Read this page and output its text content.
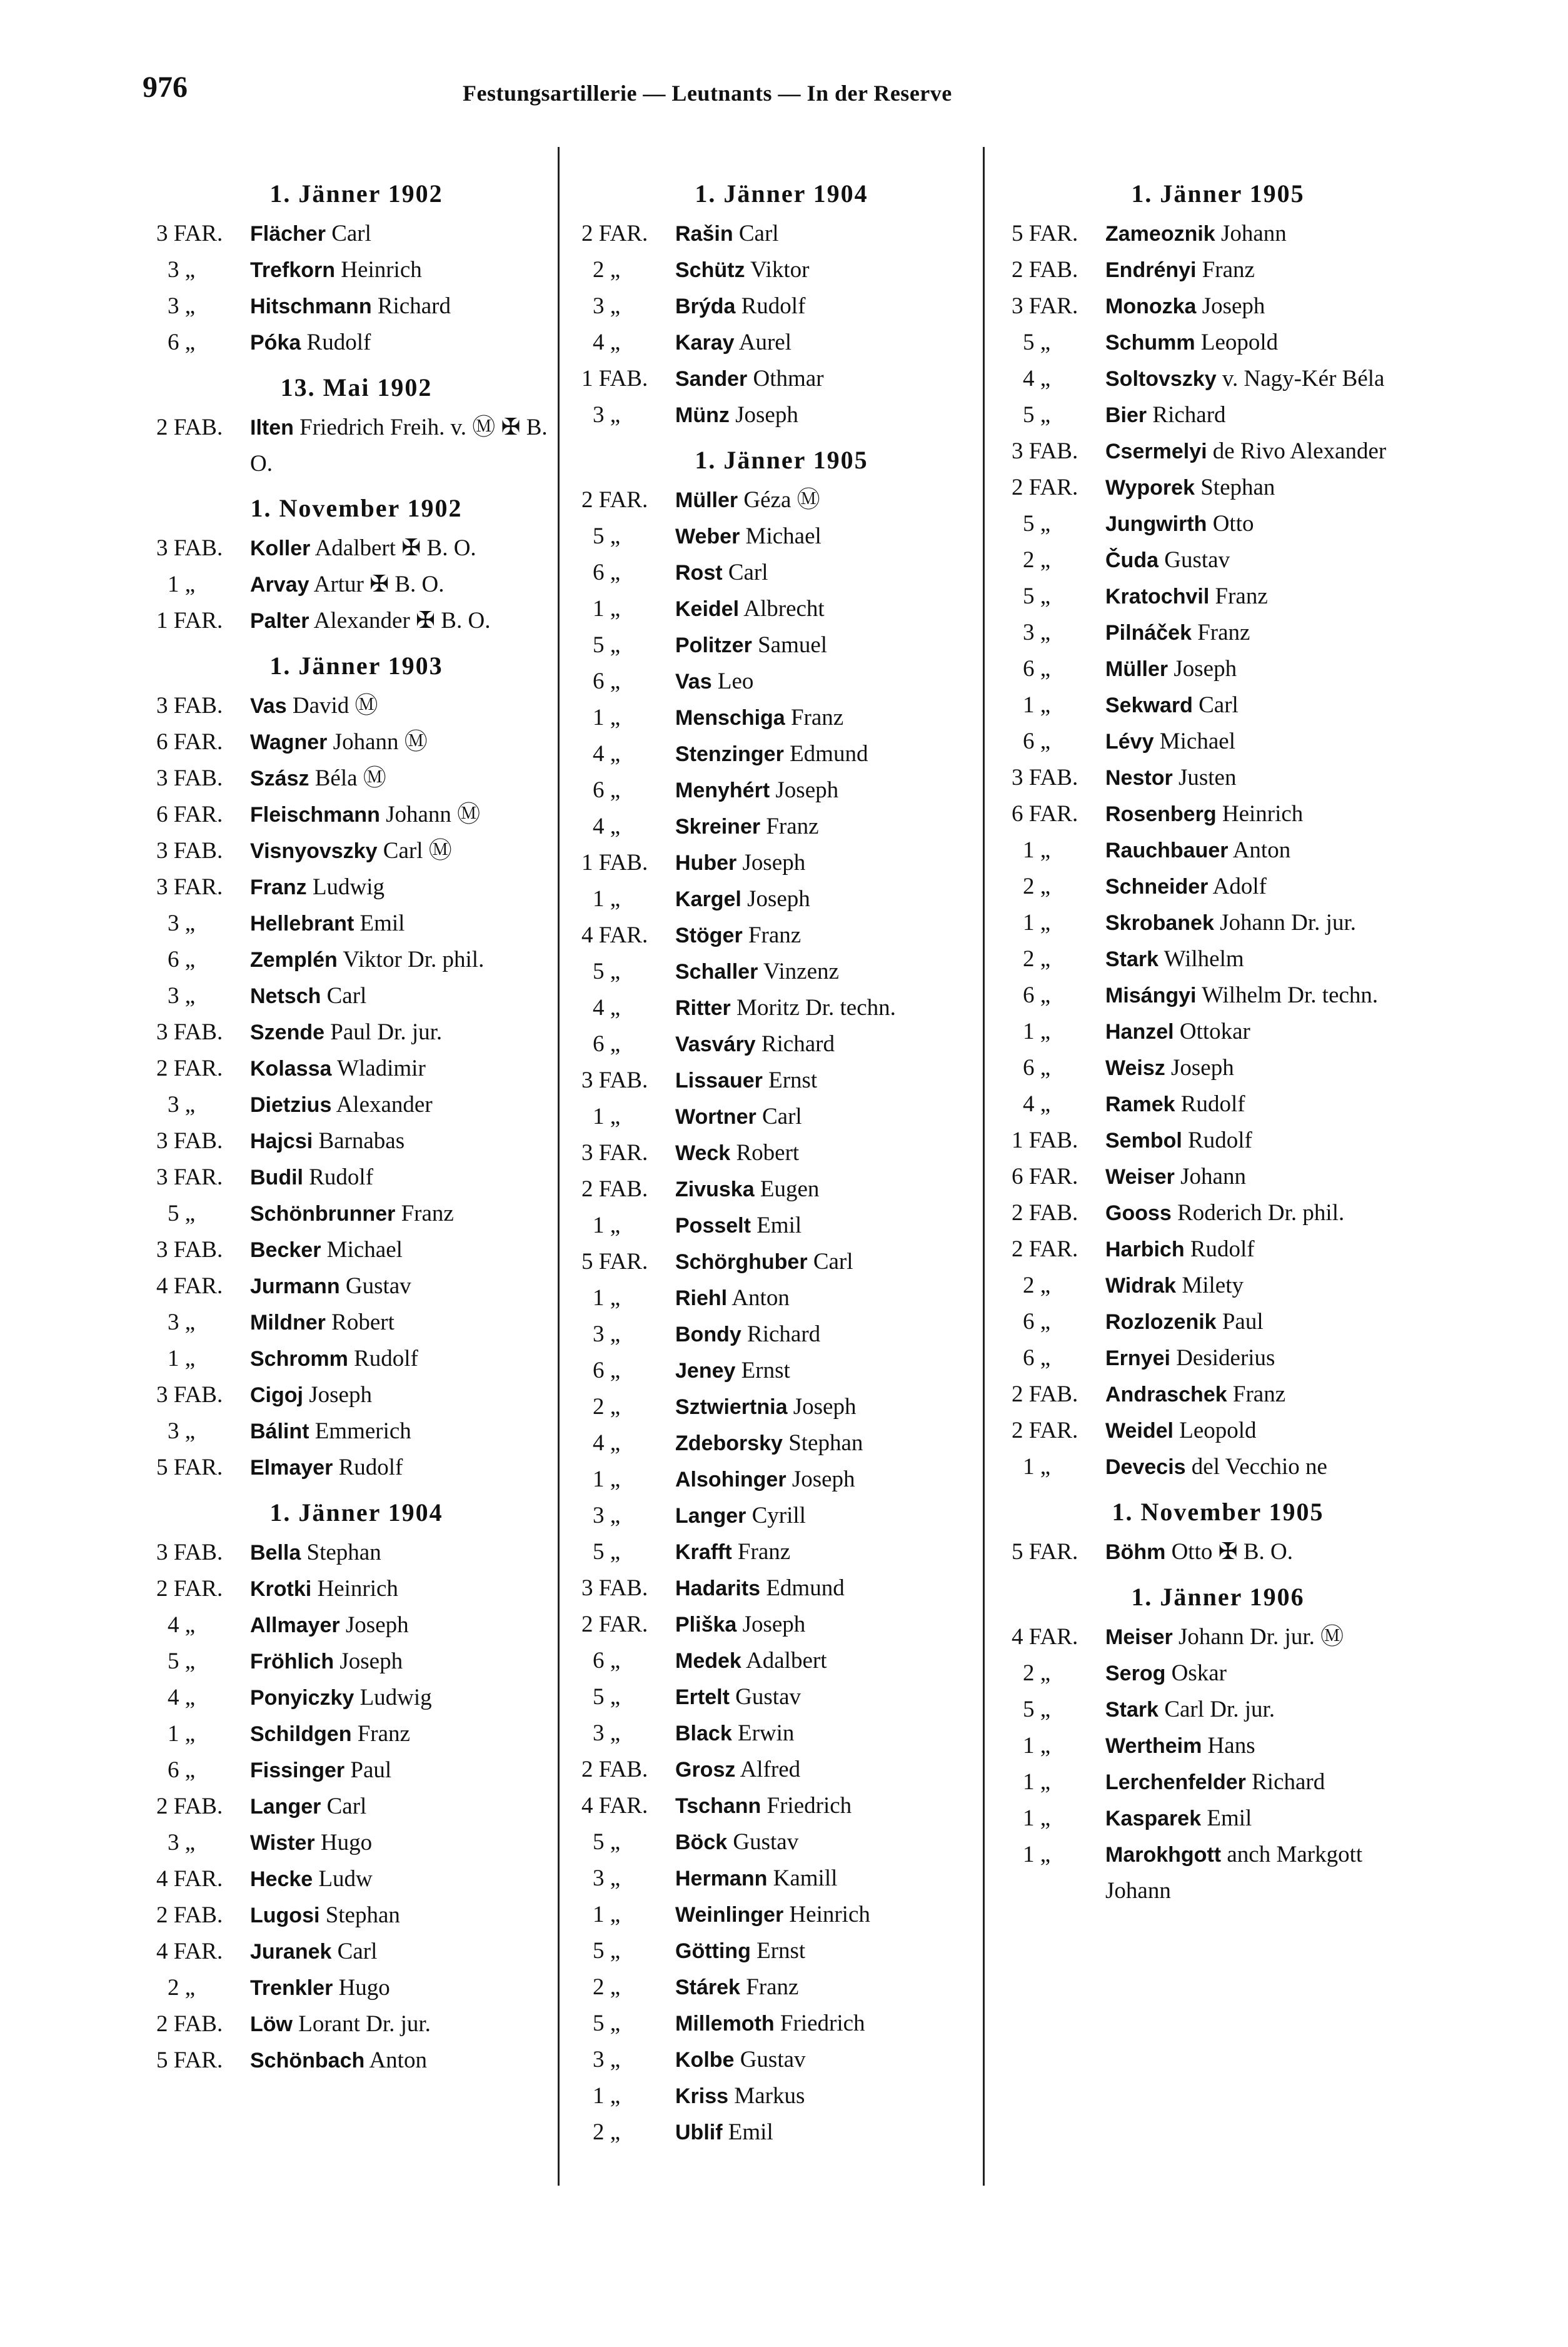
976	Festungsartillerie — Leutnants — In der Reserve
1. Jänner 1902
3 FAR.	Flächer Carl
3 „	Trefkorn Heinrich
3 „	Hitschmann Richard
6 „	Póka Rudolf
13. Mai 1902
2 FAB.	Ilten Friedrich Freih. v. Ⓜ ✠ B. O.
1. November 1902
3 FAB.	Koller Adalbert ✠ B. O.
1 „	Arvay Artur ✠ B. O.
1 FAR.	Palter Alexander ✠ B. O.
1. Jänner 1903
3 FAB.	Vas David Ⓜ
6 FAR.	Wagner Johann Ⓜ
3 FAB.	Szász Béla Ⓜ
6 FAR.	Fleischmann Johann Ⓜ
3 FAB.	Visnyovszky Carl Ⓜ
3 FAR.	Franz Ludwig
3 „	Hellebrant Emil
6 „	Zemplén Viktor Dr. phil.
3 „	Netsch Carl
3 FAB.	Szende Paul Dr. jur.
2 FAR.	Kolassa Wladimir
3 „	Dietzius Alexander
3 FAB.	Hajcsi Barnabas
3 FAR.	Budil Rudolf
5 „	Schönbrunner Franz
3 FAB.	Becker Michael
4 FAR.	Jurmann Gustav
3 „	Mildner Robert
1 „	Schromm Rudolf
3 FAB.	Cigoj Joseph
3 „	Bálint Emmerich
5 FAR.	Elmayer Rudolf
1. Jänner 1904
3 FAB.	Bella Stephan
2 FAR.	Krotki Heinrich
4 „	Allmayer Joseph
5 „	Fröhlich Joseph
4 „	Ponyiczky Ludwig
1 „	Schildgen Franz
6 „	Fissinger Paul
2 FAB.	Langer Carl
3 „	Wister Hugo
4 FAR.	Hecke Ludw
2 FAB.	Lugosi Stephan
4 FAR.	Juranek Carl
2 „	Trenkler Hugo
2 FAB.	Löw Lorant Dr. jur.
5 FAR.	Schönbach Anton
1. Jänner 1904
2 FAR.	Rašin Carl
2 „	Schütz Viktor
3 „	Brýda Rudolf
4 „	Karay Aurel
1 FAB.	Sander Othmar
3 „	Münz Joseph
1. Jänner 1905
2 FAR.	Müller Géza Ⓜ
5 „	Weber Michael
6 „	Rost Carl
1 „	Keidel Albrecht
5 „	Politzer Samuel
6 „	Vas Leo
1 „	Menschiga Franz
4 „	Stenzinger Edmund
6 „	Menyhért Joseph
4 „	Skreiner Franz
1 FAB.	Huber Joseph
1 „	Kargel Joseph
4 FAR.	Stöger Franz
5 „	Schaller Vinzenz
4 „	Ritter Moritz Dr. techn.
6 „	Vasváry Richard
3 FAB.	Lissauer Ernst
1 „	Wortner Carl
3 FAR.	Weck Robert
2 FAB.	Zivuska Eugen
1 „	Posselt Emil
5 FAR.	Schörghuber Carl
1 „	Riehl Anton
3 „	Bondy Richard
6 „	Jeney Ernst
2 „	Sztwiertnia Joseph
4 „	Zdeborsky Stephan
1 „	Alsohinger Joseph
3 „	Langer Cyrill
5 „	Krafft Franz
3 FAB.	Hadarits Edmund
2 FAR.	Pliška Joseph
6 „	Medek Adalbert
5 „	Ertelt Gustav
3 „	Black Erwin
2 FAB.	Grosz Alfred
4 FAR.	Tschann Friedrich
5 „	Böck Gustav
3 „	Hermann Kamill
1 „	Weinlinger Heinrich
5 „	Götting Ernst
2 „	Stárek Franz
5 „	Millemoth Friedrich
3 „	Kolbe Gustav
1 „	Kriss Markus
2 „	Ublif Emil
1. Jänner 1905
5 FAR.	Zameoznik Johann
2 FAB.	Endrényi Franz
3 FAR.	Monozka Joseph
5 „	Schumm Leopold
4 „	Soltovszky v. Nagy-Kér Béla
5 „	Bier Richard
3 FAB.	Csermelyi de Rivo Alexander
2 FAR.	Wyporek Stephan
5 „	Jungwirth Otto
2 „	Čuda Gustav
5 „	Kratochvil Franz
3 „	Pilnáček Franz
6 „	Müller Joseph
1 „	Sekward Carl
6 „	Lévy Michael
3 FAB.	Nestor Justen
6 FAR.	Rosenberg Heinrich
1 „	Rauchbauer Anton
2 „	Schneider Adolf
1 „	Skrobanek Johann Dr. jur.
2 „	Stark Wilhelm
6 „	Misángyi Wilhelm Dr. techn.
1 „	Hanzel Ottokar
6 „	Weisz Joseph
4 „	Ramek Rudolf
1 FAB.	Sembol Rudolf
6 FAR.	Weiser Johann
2 FAB.	Gooss Roderich Dr. phil.
2 FAR.	Harbich Rudolf
2 „	Widrak Milety
6 „	Rozlozenik Paul
6 „	Ernyei Desiderius
2 FAB.	Andraschek Franz
2 FAR.	Weidel Leopold
1 „	Devecis del Vecchio ne
1. November 1905
5 FAR.	Böhm Otto ✠ B. O.
1. Jänner 1906
4 FAR.	Meiser Johann Dr. jur. Ⓜ
2 „	Serog Oskar
5 „	Stark Carl Dr. jur.
1 „	Wertheim Hans
1 „	Lerchenfelder Richard
1 „	Kasparek Emil
1 „	Marokhgott anch Markgott Johann
